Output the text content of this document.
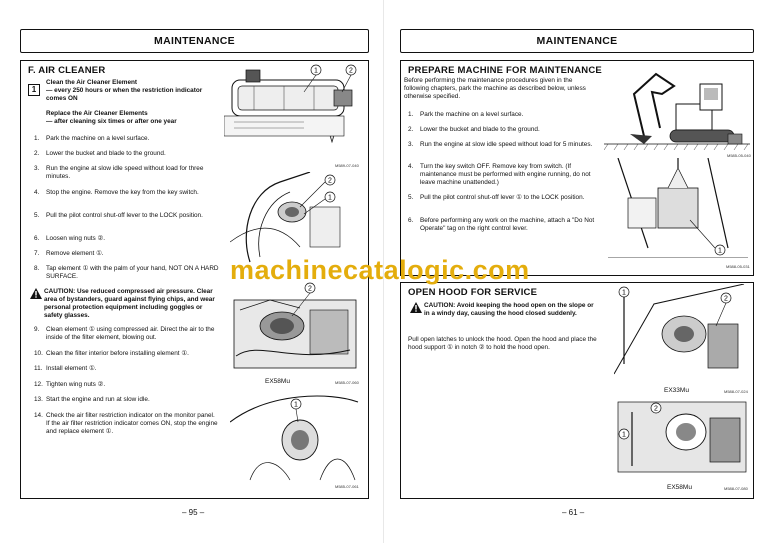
MAINTENANCE
F. AIR CLEANER
1
Clean the Air Cleaner Element
— every 250 hours or when the restriction indicator comes ON
Replace the Air Cleaner Elements
— after cleaning six times or after one year
1.	Park the machine on a level surface.
2.	Lower the bucket and blade to the ground.
3.	Run the engine at slow idle speed without load for three minutes.
4.	Stop the engine. Remove the key from the key switch.
5.	Pull the pilot control shut-off lever to the LOCK position.
6.	Loosen wing nuts ②.
7.	Remove element ①.
8.	Tap element ① with the palm of your hand, NOT ON A HARD SURFACE.
CAUTION: Use reduced compressed air pressure. Clear area of bystanders, guard against flying chips, and wear personal protection equipment including goggles or safety glasses.
9.	Clean element ① using compressed air. Direct the air to the inside of the filter element, blowing out.
10. Clean the filter interior before installing element ①.
11. Install element ①.
12. Tighten wing nuts ②.
13. Start the engine and run at slow idle.
14. Check the air filter restriction indicator on the monitor panel. If the air filter restriction indicator comes ON, stop the engine and replace element ①.
1	2
M589-07-040
2
1
2
EX58Mu	M585-07-060
1
M585-07-061
– 95 –
MAINTENANCE
PREPARE MACHINE FOR MAINTENANCE
Before performing the maintenance procedures given in the following chapters, park the machine as described below, unless otherwise specified.
1.	Park the machine on a level surface.
2.	Lower the bucket and blade to the ground.
3.	Run the engine at slow idle speed without load for 5 minutes.
4.	Turn the key switch OFF. Remove key from switch. (If maintenance must be performed with engine running, do not leave machine unattended.)
5.	Pull the pilot control shut-off lever ① to the LOCK position.
6.	Before performing any work on the machine, attach a "Do Not Operate" tag on the right control lever.
M585-05-040
1
M588-05-031
OPEN HOOD FOR SERVICE
CAUTION: Avoid keeping the hood open on the slope or in a windy day, causing the hood closed suddenly.
Pull open latches to unlock the hood. Open the hood and place the hood support ① in notch ② to hold the hood open.
1
2
EX33Mu	M588-07-024
2
1
EX58Mu	M588-07-080
– 61 –
machinecatalogic.com
